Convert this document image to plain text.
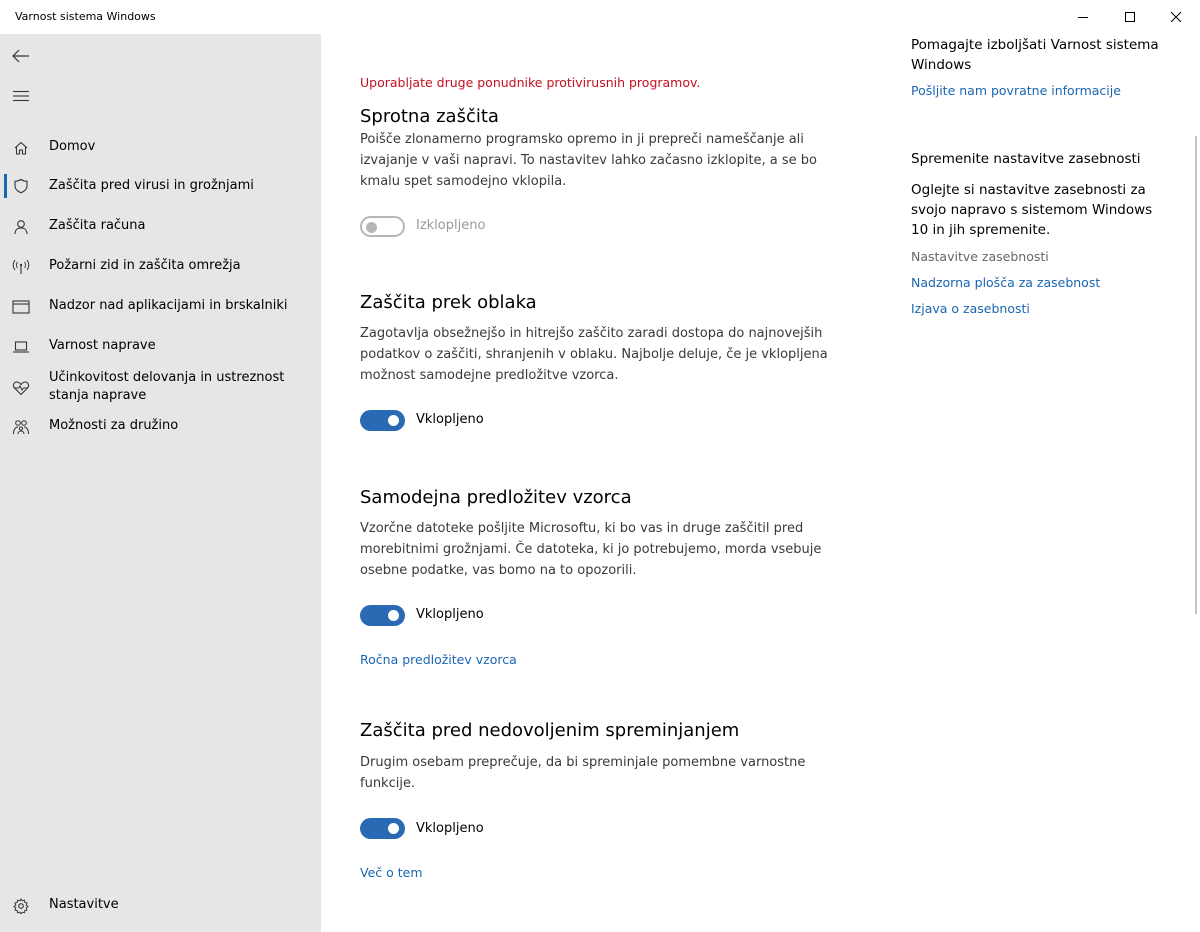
Varnost sistema Windows
Domov
Zaščita pred virusi in grožnjami
Zaščita računa
Požarni zid in zaščita omrežja
Nadzor nad aplikacijami in brskalniki
Varnost naprave
Učinkovitost delovanja in ustreznost stanja naprave
Možnosti za družino
Nastavitve
Uporabljate druge ponudnike protivirusnih programov.
Sprotna zaščita
Poišče zlonamerno programsko opremo in ji prepreči nameščanje ali izvajanje v vaši napravi. To nastavitev lahko začasno izklopite, a se bo kmalu spet samodejno vklopila.
Izklopljeno
Zaščita prek oblaka
Zagotavlja obsežnejšo in hitrejšo zaščito zaradi dostopa do najnovejših podatkov o zaščiti, shranjenih v oblaku. Najbolje deluje, če je vklopljena možnost samodejne predložitve vzorca.
Vklopljeno
Samodejna predložitev vzorca
Vzorčne datoteke pošljite Microsoftu, ki bo vas in druge zaščitil pred morebitnimi grožnjami. Če datoteka, ki jo potrebujemo, morda vsebuje osebne podatke, vas bomo na to opozorili.
Vklopljeno
Ročna predložitev vzorca
Zaščita pred nedovoljenim spreminjanjem
Drugim osebam preprečuje, da bi spreminjale pomembne varnostne funkcije.
Vklopljeno
Več o tem
Pomagajte izboljšati Varnost sistema Windows
Pošljite nam povratne informacije
Spremenite nastavitve zasebnosti
Oglejte si nastavitve zasebnosti za svojo napravo s sistemom Windows 10 in jih spremenite.
Nastavitve zasebnosti
Nadzorna plošča za zasebnost
Izjava o zasebnosti
